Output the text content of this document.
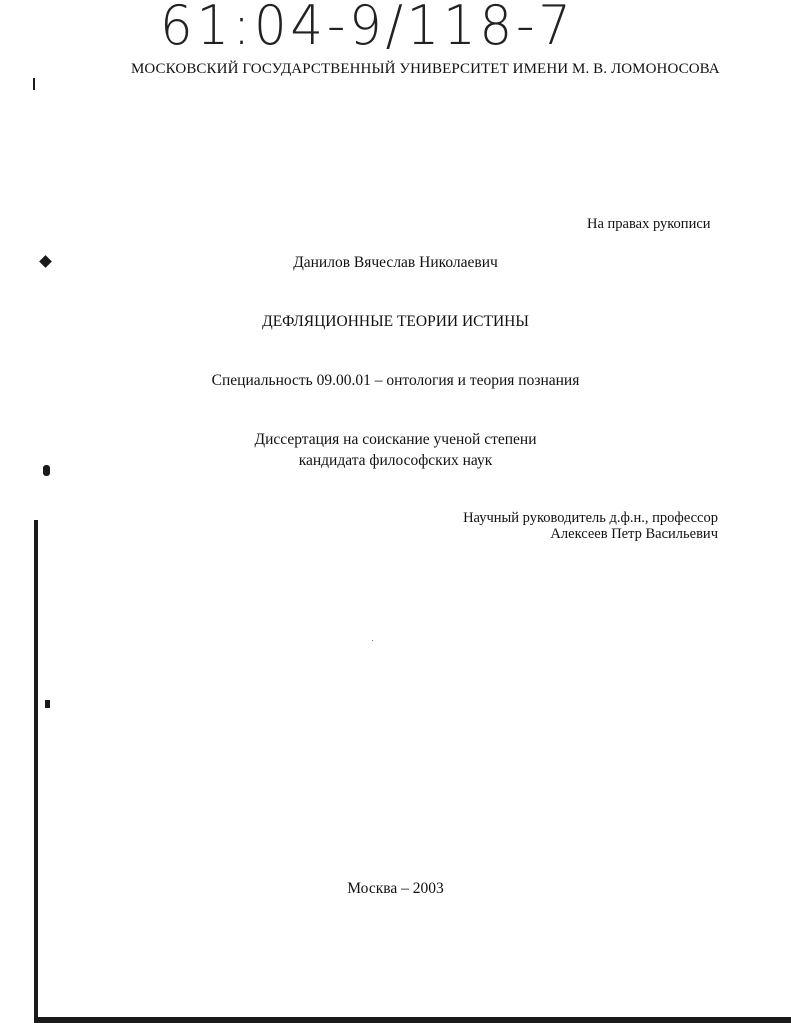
61:04-9/118-7
МОСКОВСКИЙ ГОСУДАРСТВЕННЫЙ УНИВЕРСИТЕТ ИМЕНИ М. В. ЛОМОНОСОВА
На правах рукописи
Данилов Вячеслав Николаевич
ДЕФЛЯЦИОННЫЕ ТЕОРИИ ИСТИНЫ
Специальность 09.00.01 – онтология и теория познания
Диссертация на соискание ученой степени
кандидата философских наук
Научный руководитель д.ф.н., профессор
Алексеев Петр Васильевич
Москва – 2003
